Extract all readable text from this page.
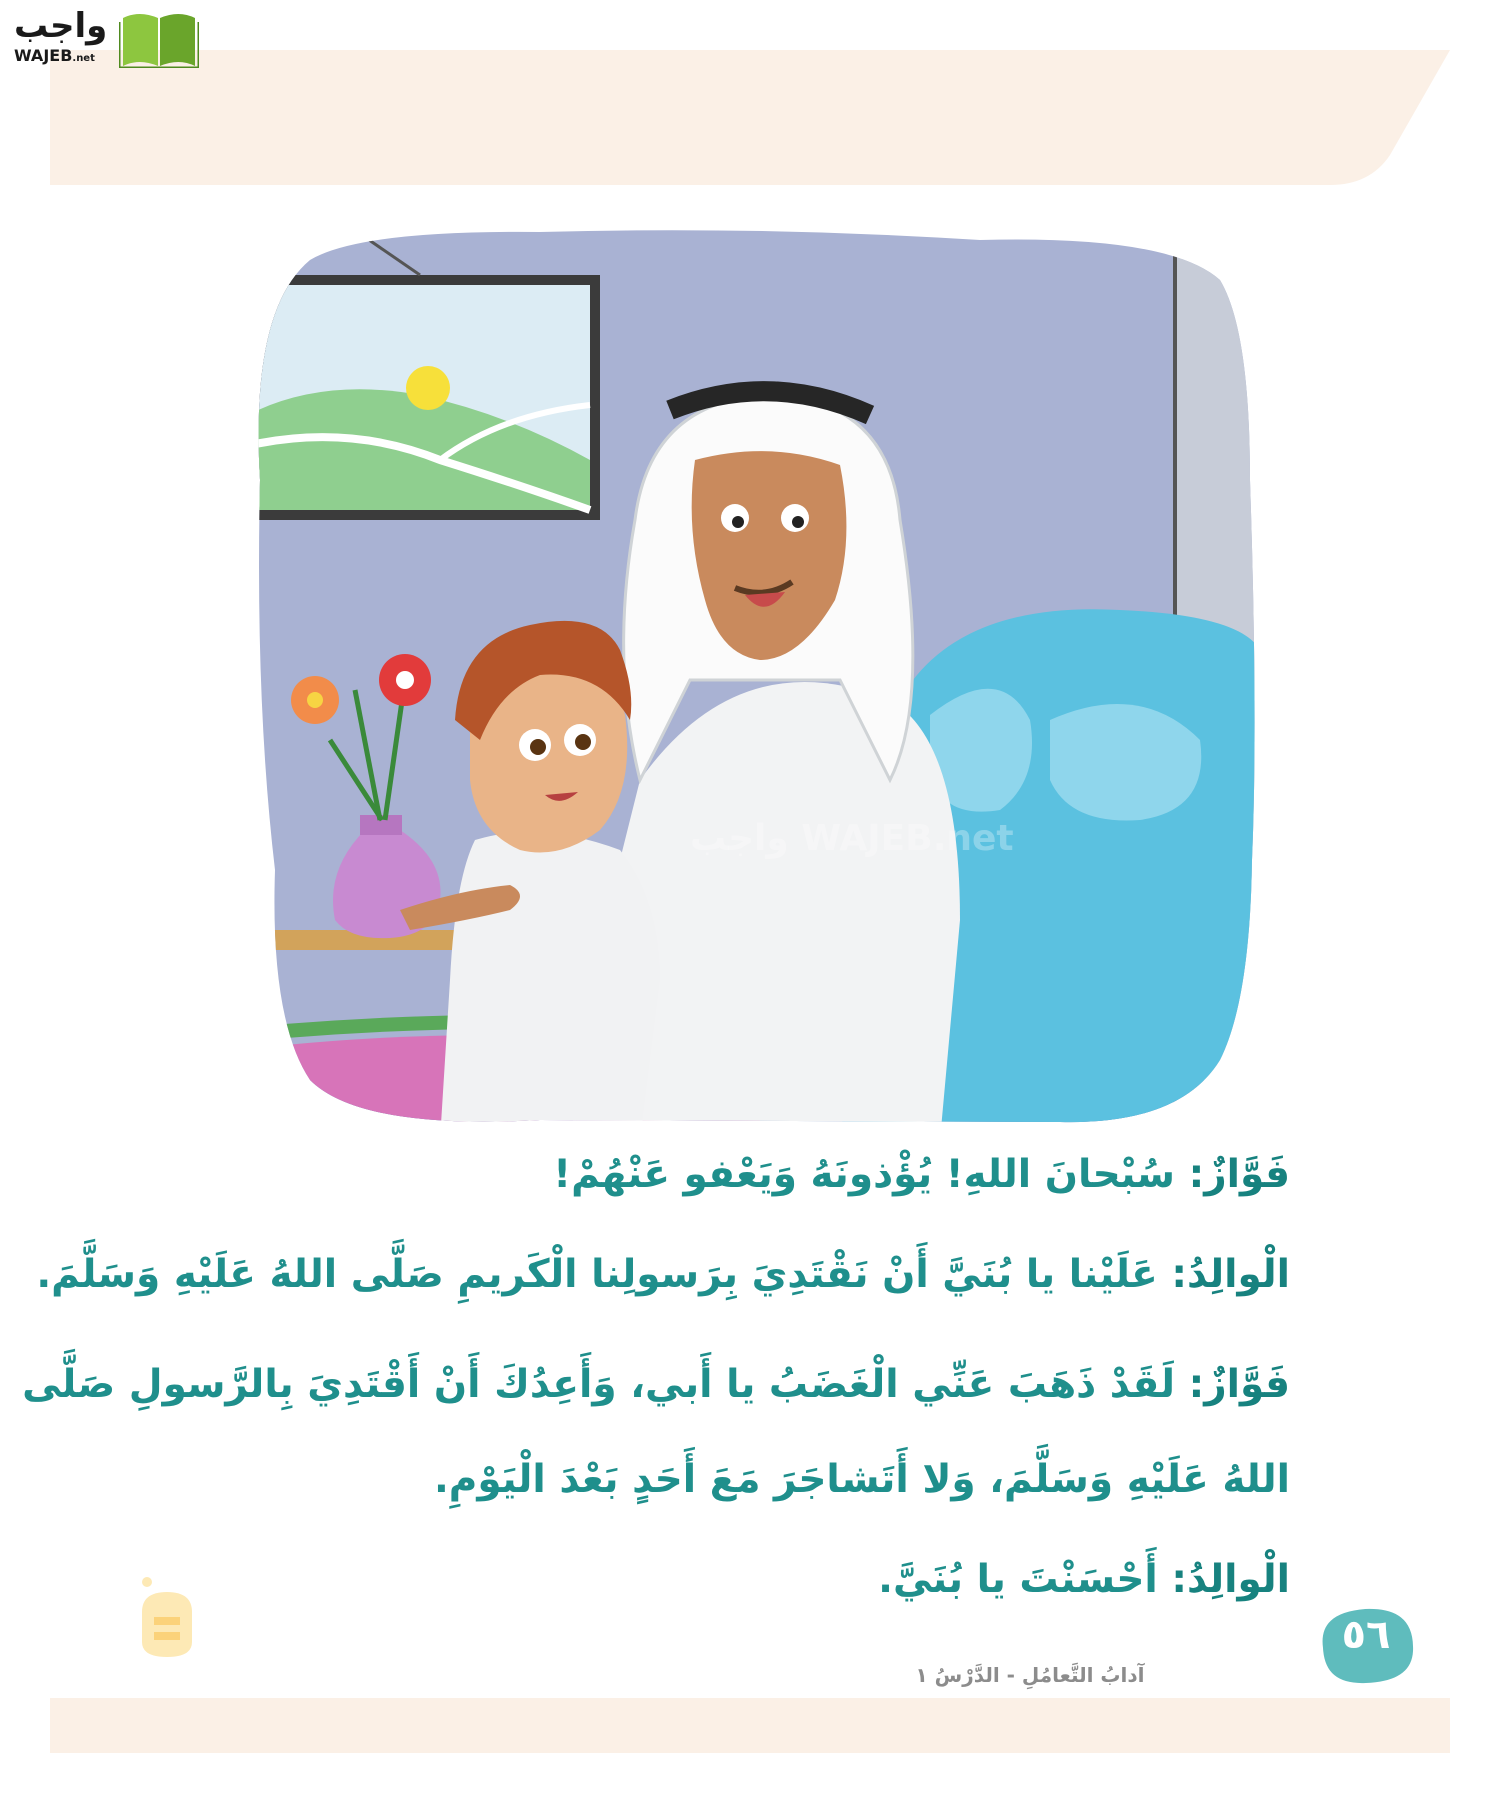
واجب
WAJEB.net
واجب WAJEB.net
فَوَّازٌ: سُبْحانَ اللهِ! يُؤْذونَهُ وَيَعْفو عَنْهُمْ!
الْوالِدُ: عَلَيْنا يا بُنَيَّ أَنْ نَقْتَدِيَ بِرَسولِنا الْكَريمِ صَلَّى اللهُ عَلَيْهِ وَسَلَّمَ.
فَوَّازٌ: لَقَدْ ذَهَبَ عَنِّي الْغَضَبُ يا أَبي، وَأَعِدُكَ أَنْ أَقْتَدِيَ بِالرَّسولِ صَلَّى
اللهُ عَلَيْهِ وَسَلَّمَ، وَلا أَتَشاجَرَ مَعَ أَحَدٍ بَعْدَ الْيَوْمِ.
الْوالِدُ: أَحْسَنْتَ يا بُنَيَّ.
٥٦
آدابُ التَّعامُلِ - الدَّرْسُ ١
